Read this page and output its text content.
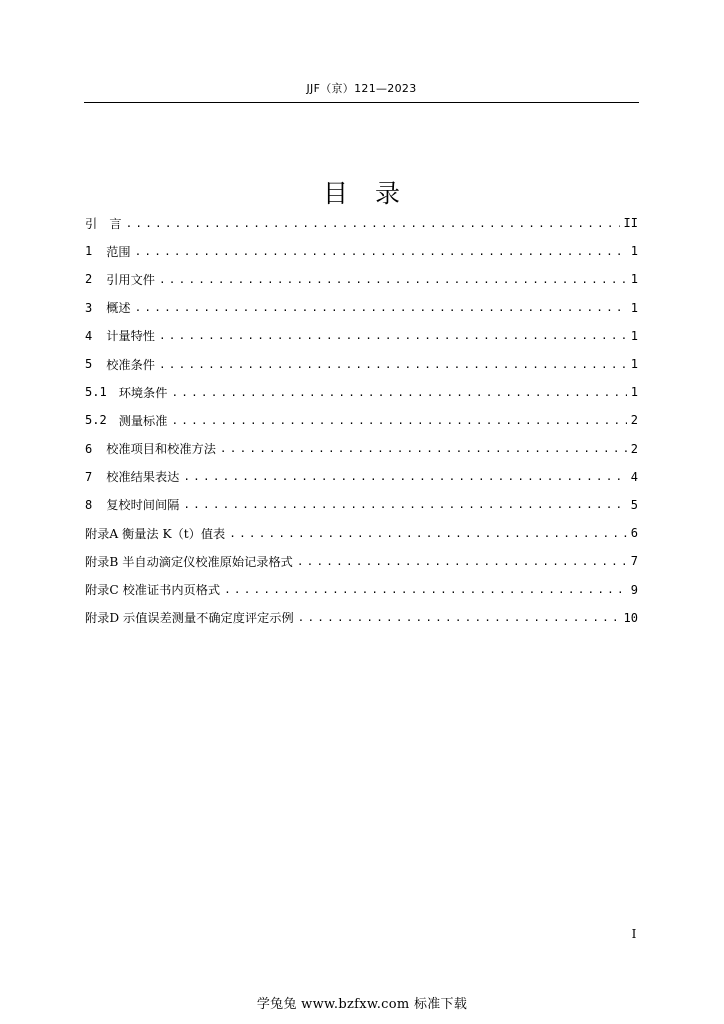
JJF（京）121—2023
目　录
引　言 .....	II
1 范围 .....	1
2 引用文件 .....	1
3 概述 .....	1
4 计量特性 .....	1
5 校准条件 .....	1
5.1 环境条件 .....	1
5.2 测量标准 .....	2
6 校准项目和校准方法 .....	2
7 校准结果表达 .....	4
8 复校时间间隔 .....	5
附录A 衡量法 K（t）值表 .....	6
附录B 半自动滴定仪校准原始记录格式 .....	7
附录C 校准证书内页格式 .....	9
附录D 示值误差测量不确定度评定示例 .....	10
I
学兔兔 www.bzfxw.com 标准下载
